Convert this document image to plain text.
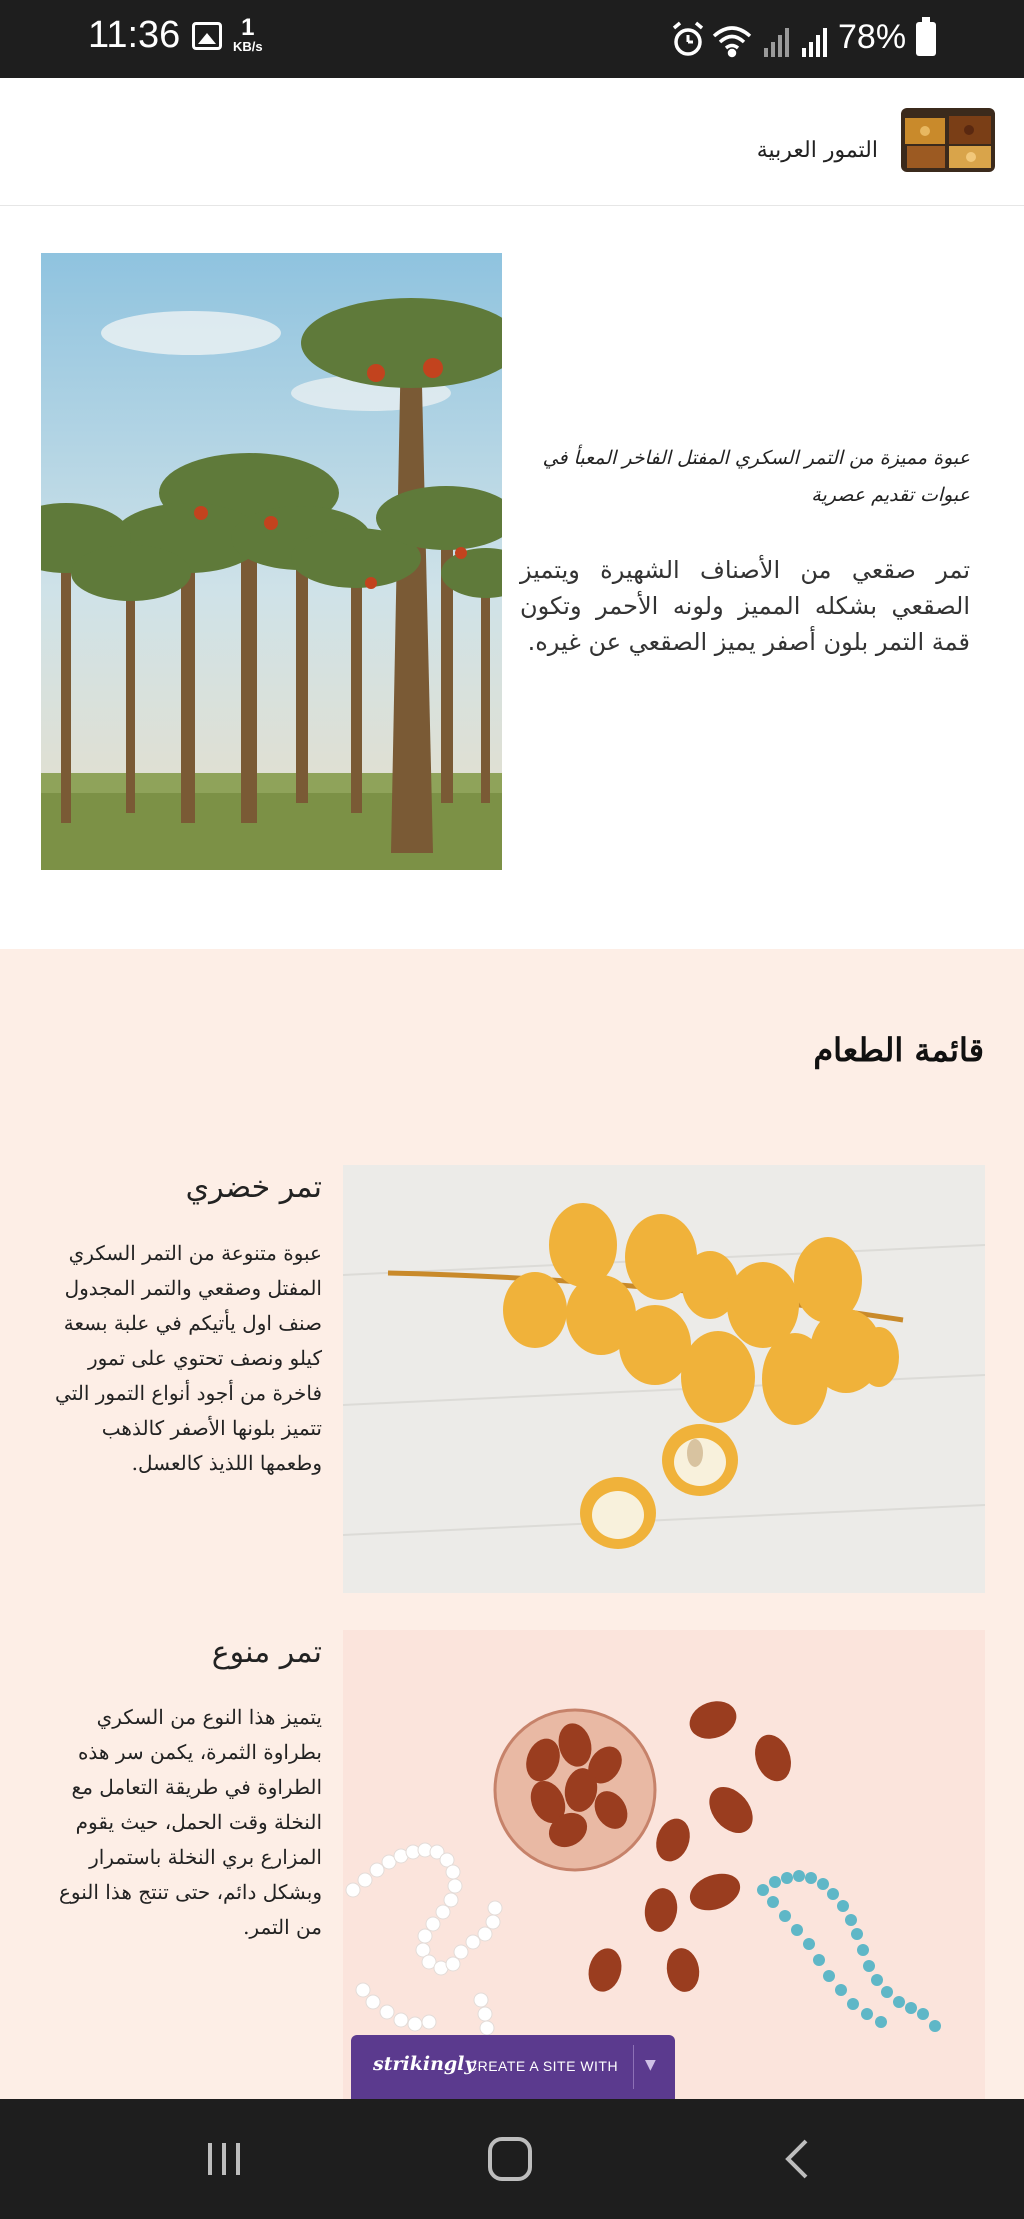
11:36	1
KB/s	78%
التمور العربية
عبوة مميزة من التمر السكري المفتل الفاخر المعبأ في عبوات تقديم عصرية
تمر صقعي من الأصناف الشهيرة ويتميز الصقعي بشكله المميز ولونه الأحمر وتكون قمة التمر بلون أصفر يميز الصقعي عن غيره.
قائمة الطعام
تمر خضري
عبوة متنوعة من التمر السكري المفتل وصقعي والتمر المجدول صنف اول يأتيكم في علبة بسعة كيلو ونصف تحتوي على تمور فاخرة من أجود أنواع التمور التي تتميز بلونها الأصفر كالذهب وطعمها اللذيذ كالعسل.
تمر منوع
يتميز هذا النوع من السكري بطراوة الثمرة، يكمن سر هذه الطراوة في طريقة التعامل مع النخلة وقت الحمل، حيث يقوم المزارع بري النخلة باستمرار وبشكل دائم، حتى تنتج هذا النوع من التمر.
strikingly
CREATE A SITE WITH ▼
